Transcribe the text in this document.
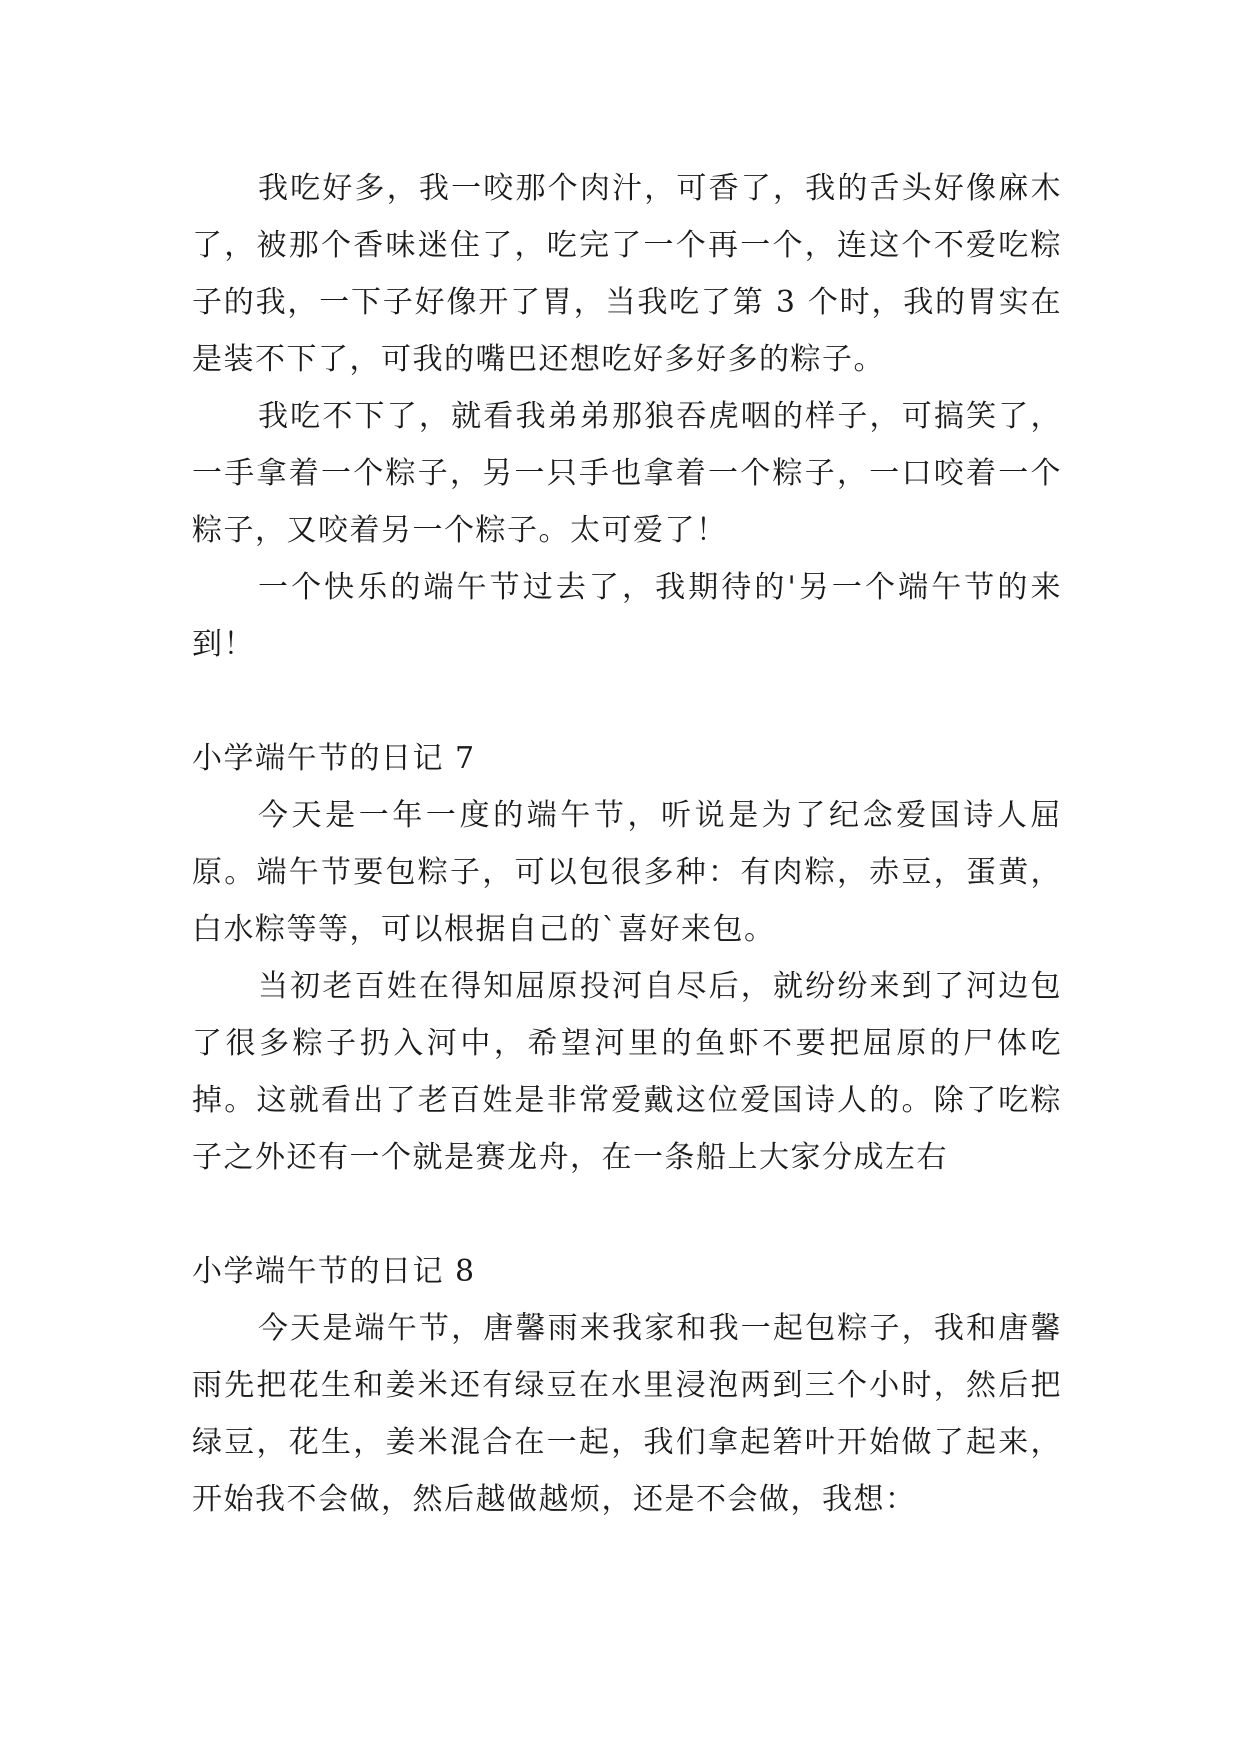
我吃好多，我一咬那个肉汁，可香了，我的舌头好像麻木了，被那个香味迷住了，吃完了一个再一个，连这个不爱吃粽子的我，一下子好像开了胃，当我吃了第 3 个时，我的胃实在是装不下了，可我的嘴巴还想吃好多好多的粽子。

我吃不下了，就看我弟弟那狼吞虎咽的样子，可搞笑了，一手拿着一个粽子，另一只手也拿着一个粽子，一口咬着一个粽子，又咬着另一个粽子。太可爱了！

一个快乐的端午节过去了，我期待的'另一个端午节的来到！

小学端午节的日记 7

今天是一年一度的端午节，听说是为了纪念爱国诗人屈原。端午节要包粽子，可以包很多种：有肉粽，赤豆，蛋黄，白水粽等等，可以根据自己的`喜好来包。

当初老百姓在得知屈原投河自尽后，就纷纷来到了河边包了很多粽子扔入河中，希望河里的鱼虾不要把屈原的尸体吃掉。这就看出了老百姓是非常爱戴这位爱国诗人的。除了吃粽子之外还有一个就是赛龙舟，在一条船上大家分成左右

小学端午节的日记 8

今天是端午节，唐馨雨来我家和我一起包粽子，我和唐馨雨先把花生和姜米还有绿豆在水里浸泡两到三个小时，然后把绿豆，花生，姜米混合在一起，我们拿起箬叶开始做了起来，开始我不会做，然后越做越烦，还是不会做，我想：
